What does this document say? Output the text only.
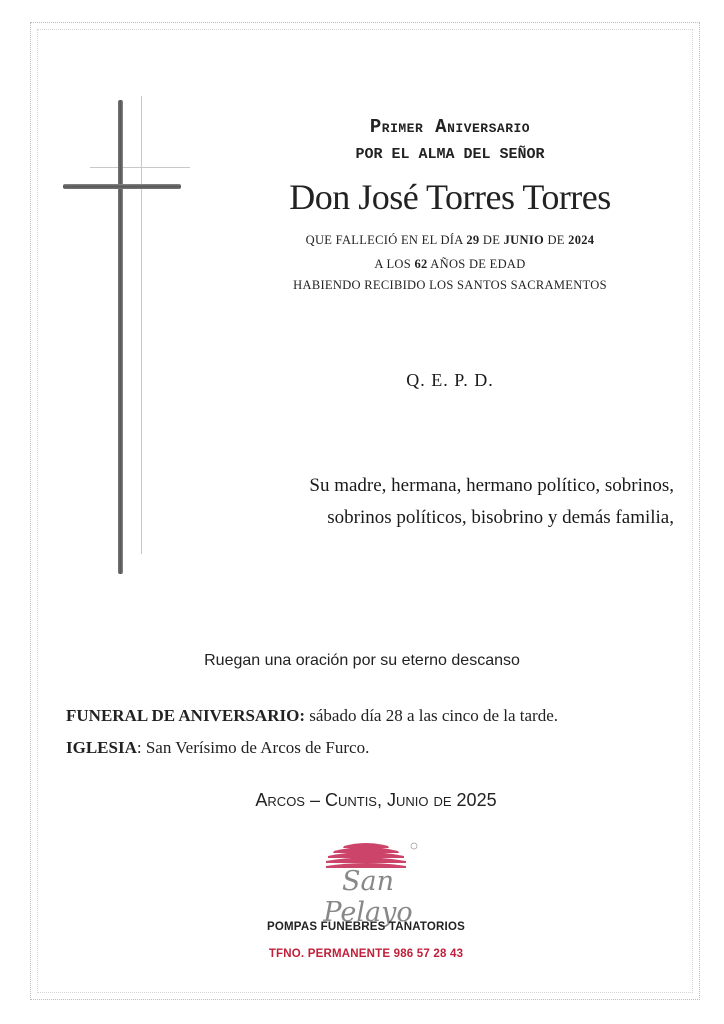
Primer Aniversario
POR EL ALMA DEL SEÑOR
Don José Torres Torres
QUE FALLECIÓ EN EL DÍA 29 DE JUNIO DE 2024
A LOS 62 AÑOS DE EDAD
HABIENDO RECIBIDO LOS SANTOS SACRAMENTOS
Q. E. P. D.
Su madre, hermana, hermano político, sobrinos,
sobrinos políticos, bisobrino y demás familia,
Ruegan una oración por su eterno descanso
FUNERAL DE ANIVERSARIO: sábado día 28 a las cinco de la tarde.
IGLESIA: San Verísimo de Arcos de Furco.
Arcos – Cuntis, Junio de 2025
San Pelayo
POMPAS FUNEBRES TANATORIOS
TFNO. PERMANENTE 986 57 28 43
